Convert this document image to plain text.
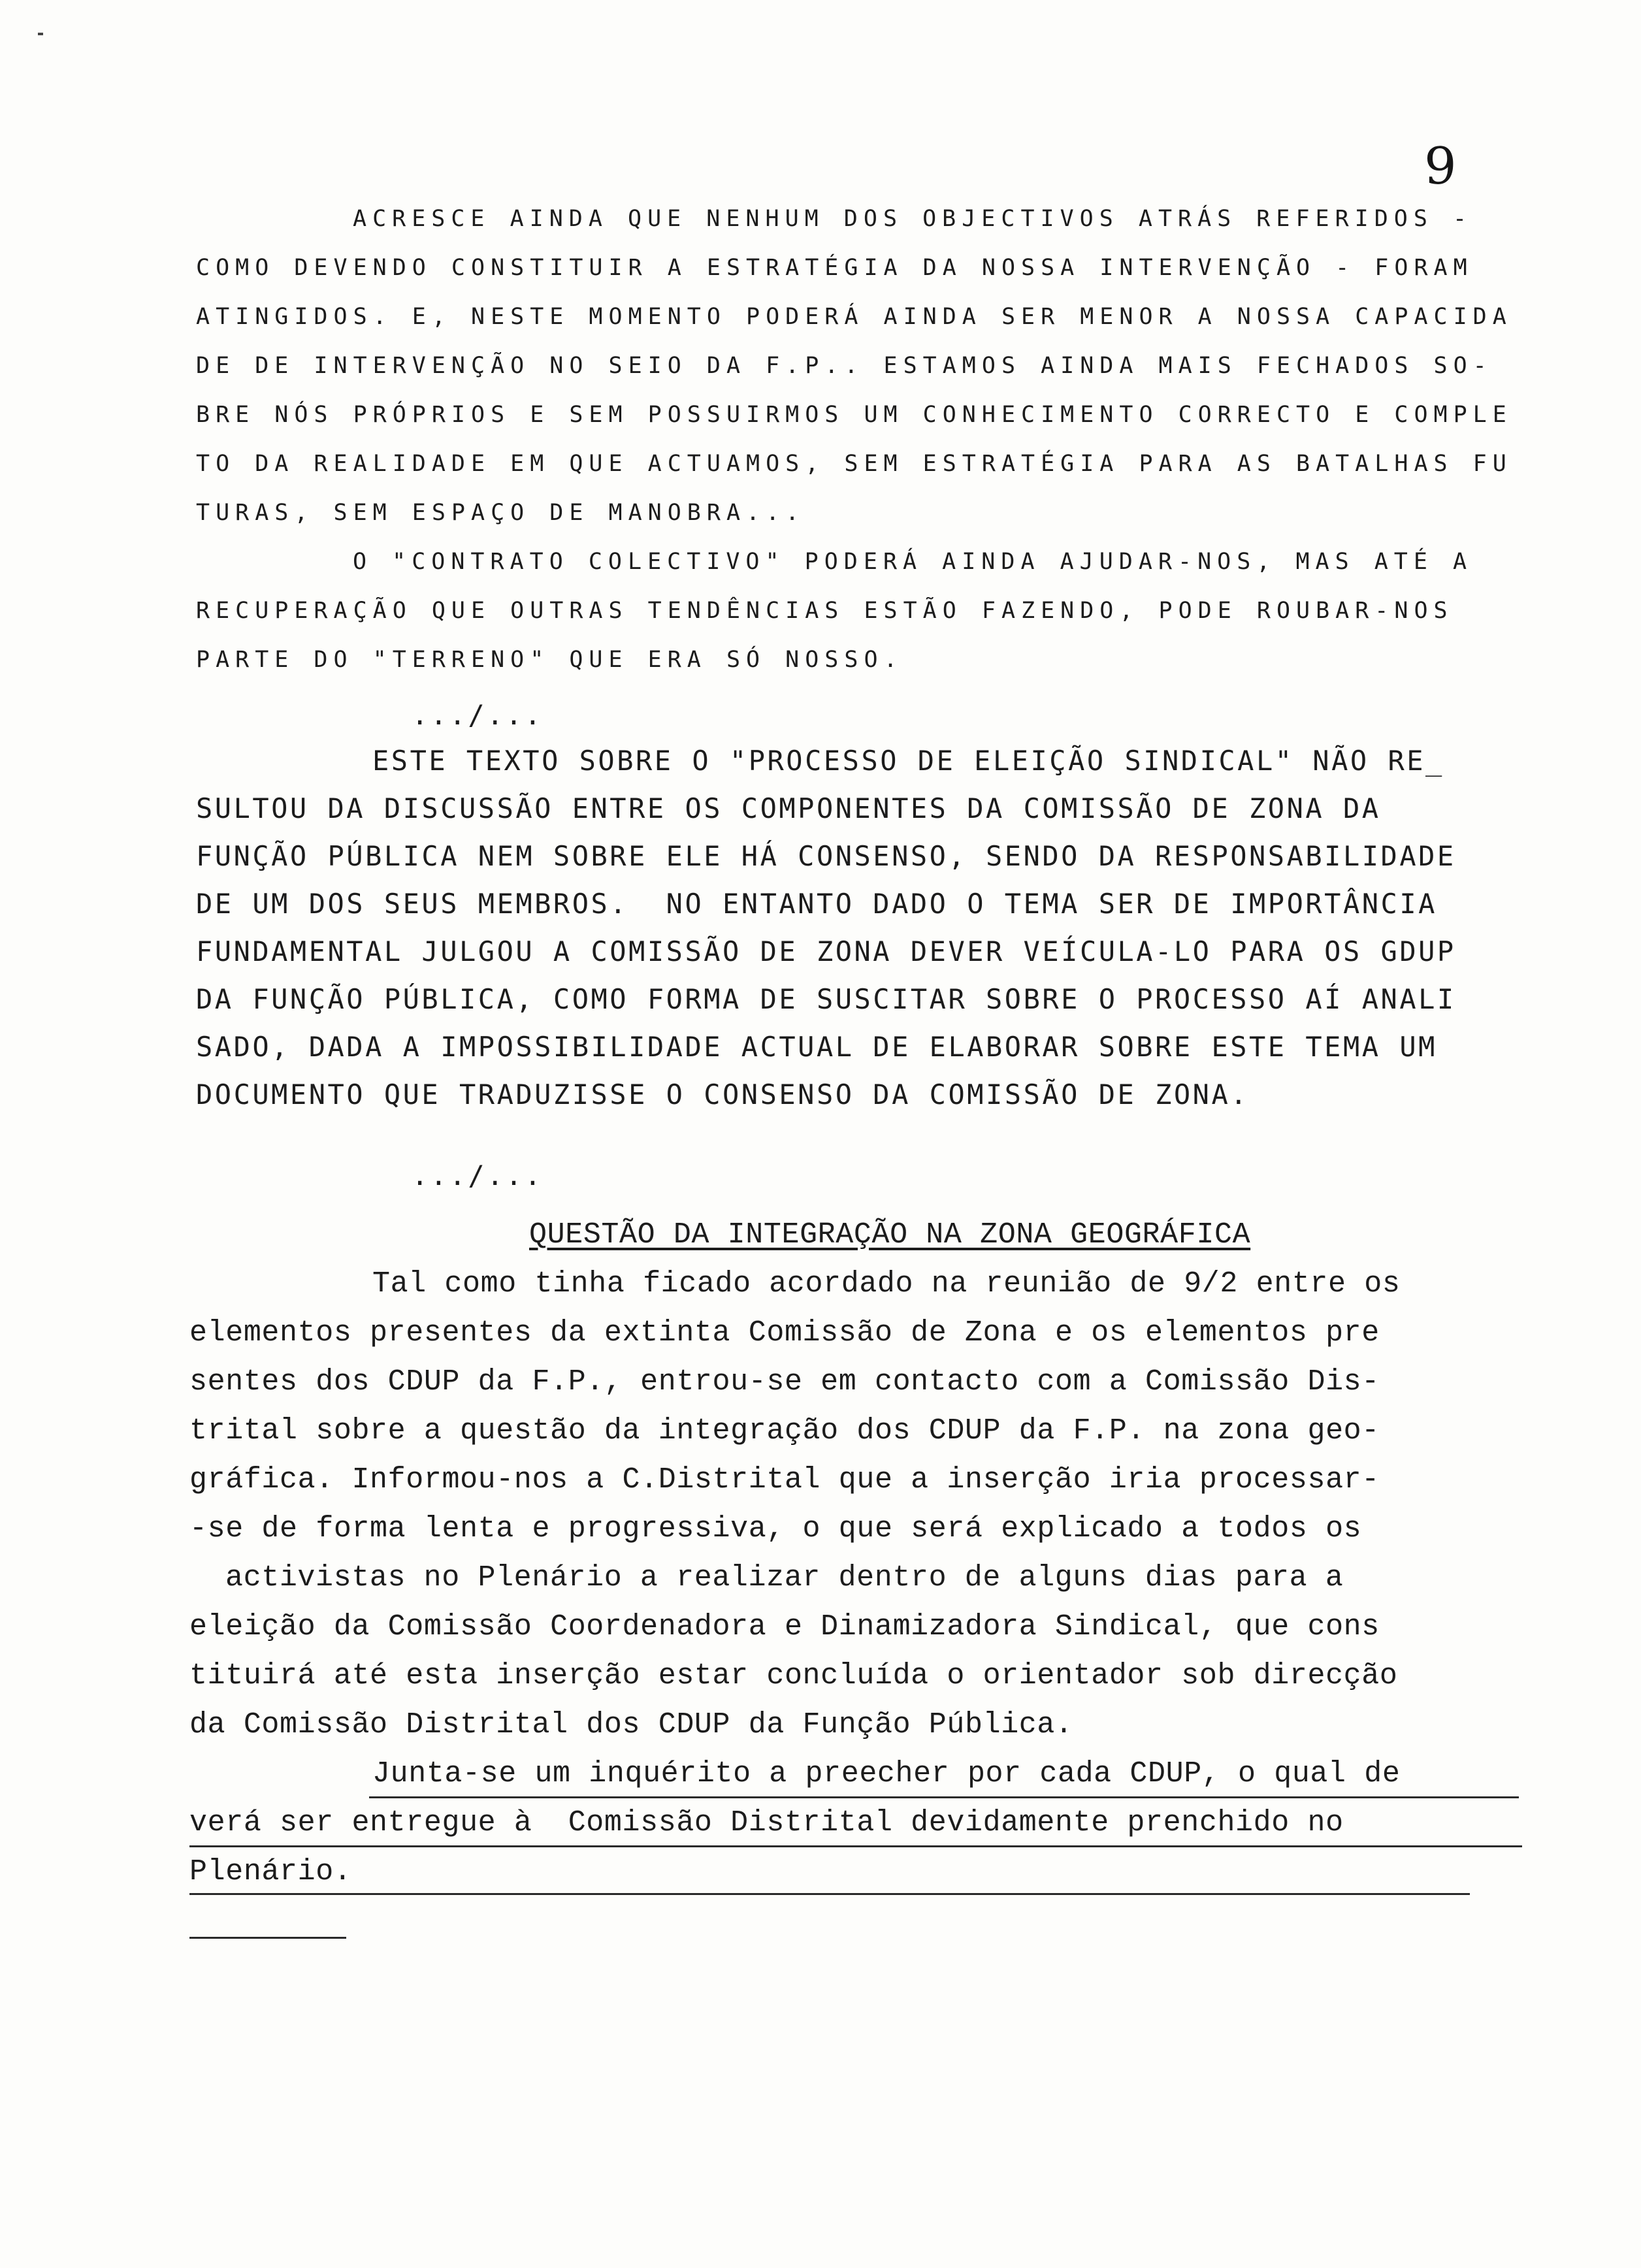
9
ACRESCE AINDA QUE NENHUM DOS OBJECTIVOS ATRÁS REFERIDOS -
COMO DEVENDO CONSTITUIR A ESTRATÉGIA DA NOSSA INTERVENÇÃO - FORAM
ATINGIDOS. E, NESTE MOMENTO PODERÁ AINDA SER MENOR A NOSSA CAPACIDA
DE DE INTERVENÇÃO NO SEIO DA F.P.. ESTAMOS AINDA MAIS FECHADOS SO-
BRE NÓS PRÓPRIOS E SEM POSSUIRMOS UM CONHECIMENTO CORRECTO E COMPLE
TO DA REALIDADE EM QUE ACTUAMOS, SEM ESTRATÉGIA PARA AS BATALHAS FU
TURAS, SEM ESPAÇO DE MANOBRA...
O "CONTRATO COLECTIVO" PODERÁ AINDA AJUDAR-NOS, MAS ATÉ A
RECUPERAÇÃO QUE OUTRAS TENDÊNCIAS ESTÃO FAZENDO, PODE ROUBAR-NOS
PARTE DO "TERRENO" QUE ERA SÓ NOSSO.
.../...
ESTE TEXTO SOBRE O "PROCESSO DE ELEIÇÃO SINDICAL" NÃO RE_
SULTOU DA DISCUSSÃO ENTRE OS COMPONENTES DA COMISSÃO DE ZONA DA
FUNÇÃO PÚBLICA NEM SOBRE ELE HÁ CONSENSO, SENDO DA RESPONSABILIDADE
DE UM DOS SEUS MEMBROS.  NO ENTANTO DADO O TEMA SER DE IMPORTÂNCIA
FUNDAMENTAL JULGOU A COMISSÃO DE ZONA DEVER VEÍCULA-LO PARA OS GDUP
DA FUNÇÃO PÚBLICA, COMO FORMA DE SUSCITAR SOBRE O PROCESSO AÍ ANALI
SADO, DADA A IMPOSSIBILIDADE ACTUAL DE ELABORAR SOBRE ESTE TEMA UM
DOCUMENTO QUE TRADUZISSE O CONSENSO DA COMISSÃO DE ZONA.
.../...
QUESTÃO DA INTEGRAÇÃO NA ZONA GEOGRÁFICA
Tal como tinha ficado acordado na reunião de 9/2 entre os
elementos presentes da extinta Comissão de Zona e os elementos pre
sentes dos CDUP da F.P., entrou-se em contacto com a Comissão Dis-
trital sobre a questão da integração dos CDUP da F.P. na zona geo-
gráfica. Informou-nos a C.Distrital que a inserção iria processar-
-se de forma lenta e progressiva, o que será explicado a todos os
activistas no Plenário a realizar dentro de alguns dias para a
eleição da Comissão Coordenadora e Dinamizadora Sindical, que cons
tituirá até esta inserção estar concluída o orientador sob direcção
da Comissão Distrital dos CDUP da Função Pública.
Junta-se um inquérito a preecher por cada CDUP, o qual de
verá ser entregue à  Comissão Distrital devidamente prenchido no
Plenário.
